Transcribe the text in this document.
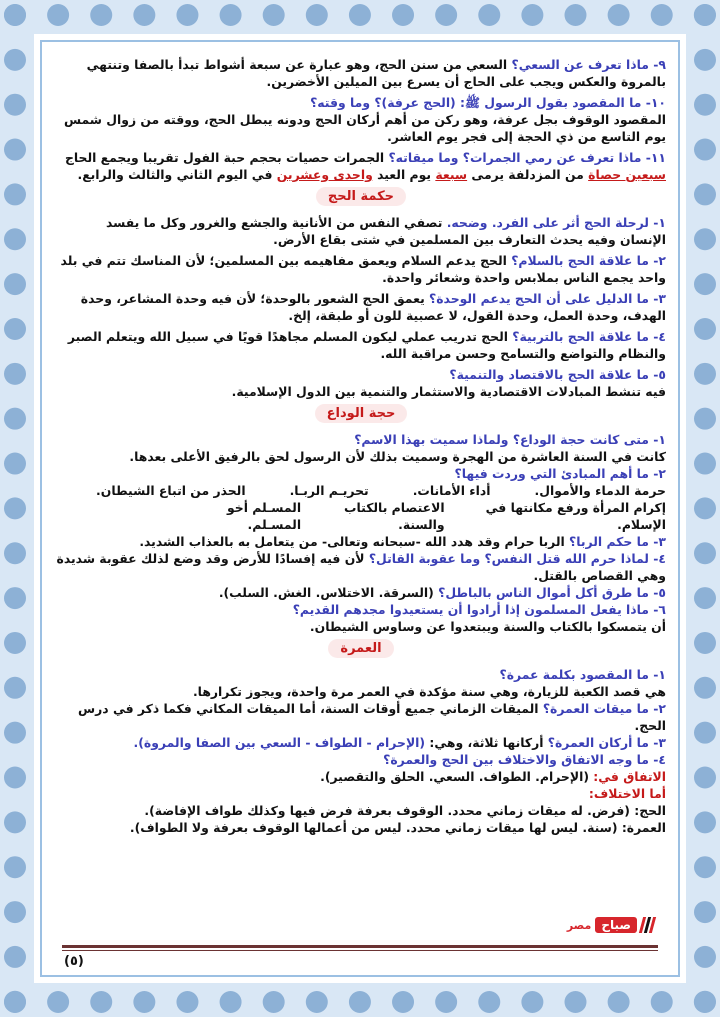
٩- ماذا تعرف عن السعي؟ السعي من سنن الحج، وهو عبارة عن سبعة أشواط تبدأ بالصفا وتنتهي بالمروة والعكس ويجب على الحاج أن يسرع بين الميلين الأخضرين.

١٠- ما المقصود بقول الرسول ﷺ: (الحج عرفة)؟ وما وقته؟
المقصود الوقوف بجل عرفة، وهو ركن من أهم أركان الحج ودونه يبطل الحج، ووقته من زوال شمس يوم التاسع من ذي الحجة إلى فجر يوم العاشر.

١١- ماذا تعرف عن رمي الجمرات؟ وما ميقاته؟ الجمرات حصيات بحجم حبة الفول تقريبا ويجمع الحاج سبعين حصاة من المزدلفة يرمى سبعة يوم العيد واحدى وعشرين في اليوم الثاني والثالث والرابع.

حكمة الحج

١- لرحلة الحج أثر على الفرد. وضحه. تصفي النفس من الأنانية والجشع والغرور وكل ما يفسد الإنسان وفيه يحدث التعارف بين المسلمين في شتى بقاع الأرض.

٢- ما علاقة الحج بالسلام؟ الحج يدعم السلام ويعمق مفاهيمه بين المسلمين؛ لأن المناسك تتم في بلد واحد يجمع الناس بملابس واحدة وشعائر واحدة.

٣- ما الدليل على أن الحج يدعم الوحدة؟ يعمق الحج الشعور بالوحدة؛ لأن فيه وحدة المشاعر، وحدة الهدف، وحدة العمل، وحدة القول، لا عصبية للون أو طبقة، إلخ.

٤- ما علاقة الحج بالتربية؟ الحج تدريب عملي ليكون المسلم مجاهدًا قويًا في سبيل الله ويتعلم الصبر والنظام والتواضع والتسامح وحسن مراقبة الله.

٥- ما علاقة الحج بالاقتصاد والتنمية؟
فيه تنشط المبادلات الاقتصادية والاستثمار والتنمية بين الدول الإسلامية.

حجة الوداع

١- متى كانت حجة الوداع؟ ولماذا سميت بهذا الاسم؟
كانت في السنة العاشرة من الهجرة وسميت بذلك لأن الرسول لحق بالرفيق الأعلى بعدها.

٢- ما أهم المبادئ التي وردت فيها؟

حرمة الدماء والأموال.
أداء الأمانات.
تحريـم الربـا.
الحذر من اتباع الشيطان.
إكرام المرأة ورفع مكانتها في الإسلام.
الاعتصام بالكتاب والسنة.
المسـلم أخو المسـلم.

٣- ما حكم الربا؟ الربا حرام وقد هدد الله -سبحانه وتعالى- من يتعامل به بالعذاب الشديد.

٤- لماذا حرم الله قتل النفس؟ وما عقوبة القاتل؟ لأن فيه إفسادًا للأرض وقد وضع لذلك عقوبة شديدة وهي القصاص بالقتل.

٥- ما طرق أكل أموال الناس بالباطل؟ (السرقة. الاختلاس. الغش. السلب).

٦- ماذا يفعل المسلمون إذا أرادوا أن يستعيدوا مجدهم القديم؟
أن يتمسكوا بالكتاب والسنة ويبتعدوا عن وساوس الشيطان.

العمرة

١- ما المقصود بكلمة عمرة؟
هي قصد الكعبة للزيارة، وهي سنة مؤكدة في العمر مرة واحدة، ويجوز تكرارها.

٢- ما ميقات العمرة؟ الميقات الزماني جميع أوقات السنة، أما الميقات المكاني فكما ذكر في درس الحج.

٣- ما أركان العمرة؟ أركانها ثلاثة، وهي: (الإحرام - الطواف - السعي بين الصفا والمروة).

٤- ما وجه الاتفاق والاختلاف بين الحج والعمرة؟

الاتفاق في: (الإحرام. الطواف. السعي. الحلق والتقصير).

أما الاختلاف:

الحج: (فرض. له ميقات زماني محدد. الوقوف بعرفة فرض فيها وكذلك طواف الإفاضة).

العمرة: (سنة. ليس لها ميقات زماني محدد. ليس من أعمالها الوقوف بعرفة ولا الطواف).

صباح
مصر
(٥)
